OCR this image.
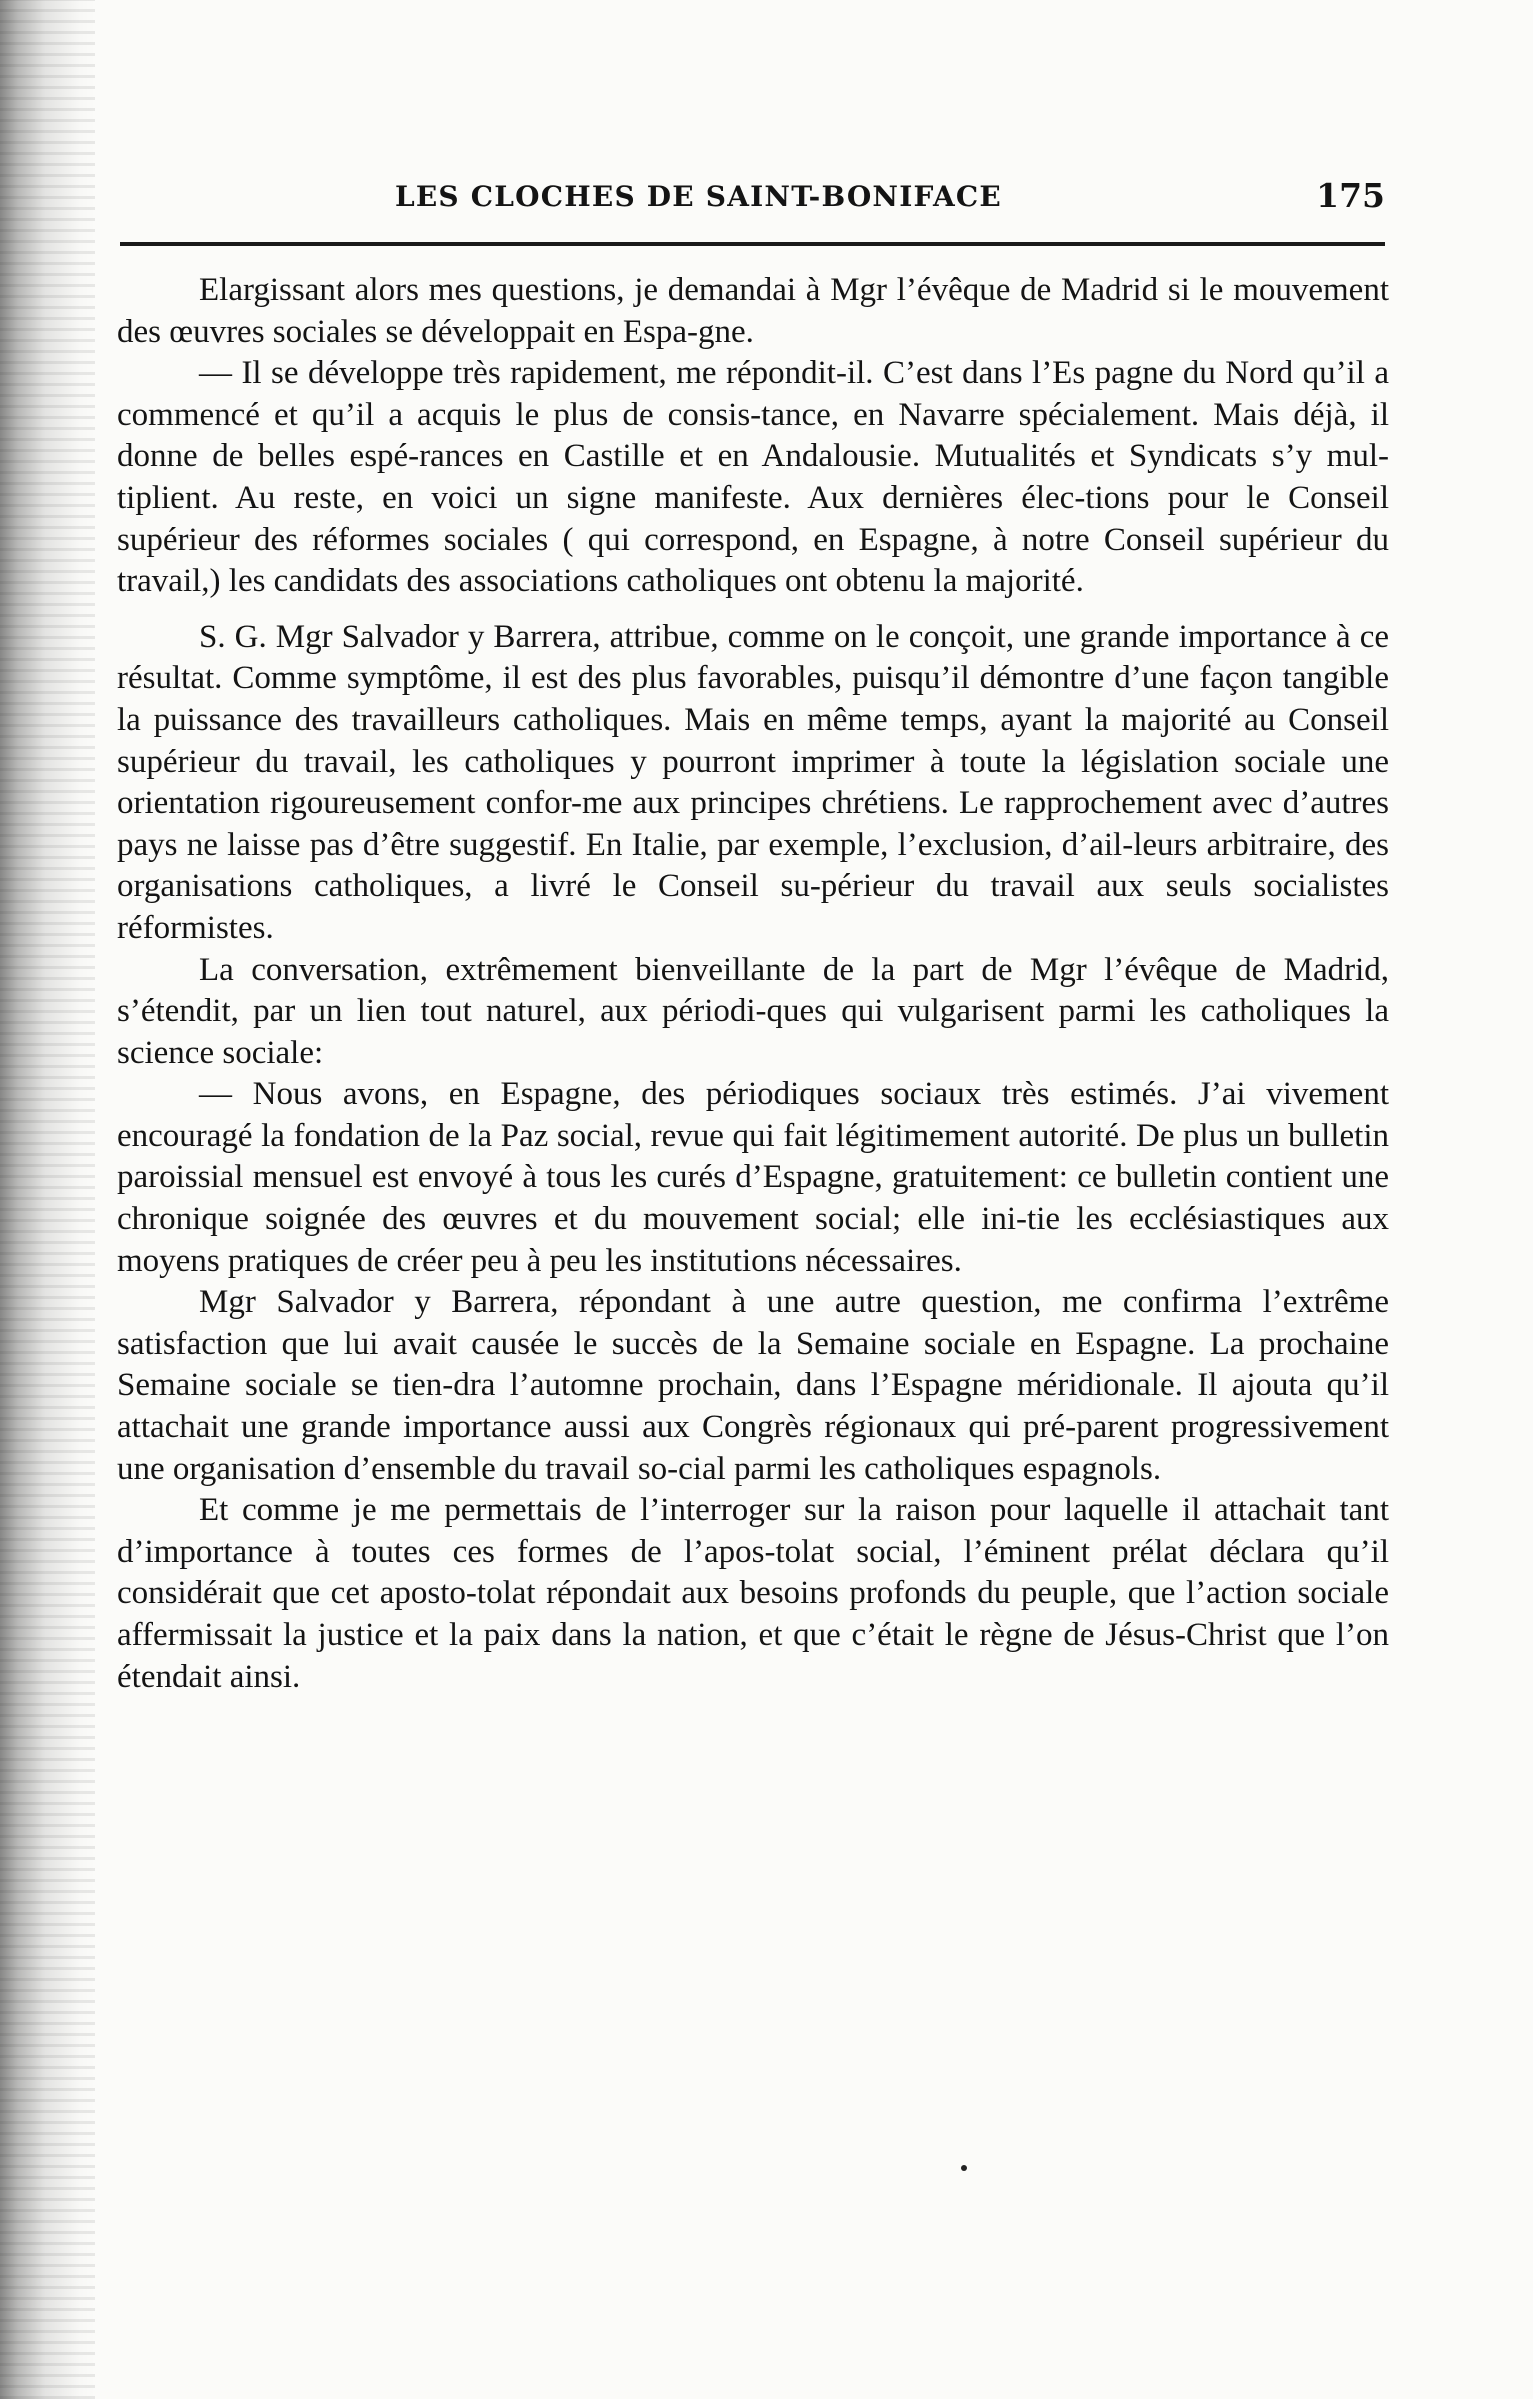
LES CLOCHES DE SAINT-BONIFACE	175

Elargissant alors mes questions, je demandai à Mgr l’évêque de Madrid si le mouvement des œuvres sociales se développait en Espa-gne.

— Il se développe très rapidement, me répondit-il. C’est dans l’Es pagne du Nord qu’il a commencé et qu’il a acquis le plus de consis-tance, en Navarre spécialement. Mais déjà, il donne de belles espé-rances en Castille et en Andalousie. Mutualités et Syndicats s’y mul-tiplient. Au reste, en voici un signe manifeste. Aux dernières élec-tions pour le Conseil supérieur des réformes sociales ( qui correspond, en Espagne, à notre Conseil supérieur du travail,) les candidats des associations catholiques ont obtenu la majorité.

S. G. Mgr Salvador y Barrera, attribue, comme on le conçoit, une grande importance à ce résultat. Comme symptôme, il est des plus favorables, puisqu’il démontre d’une façon tangible la puissance des travailleurs catholiques. Mais en même temps, ayant la majorité au Conseil supérieur du travail, les catholiques y pourront imprimer à toute la législation sociale une orientation rigoureusement confor-me aux principes chrétiens. Le rapprochement avec d’autres pays ne laisse pas d’être suggestif. En Italie, par exemple, l’exclusion, d’ail-leurs arbitraire, des organisations catholiques, a livré le Conseil su-périeur du travail aux seuls socialistes réformistes.

La conversation, extrêmement bienveillante de la part de Mgr l’évêque de Madrid, s’étendit, par un lien tout naturel, aux périodi-ques qui vulgarisent parmi les catholiques la science sociale:

— Nous avons, en Espagne, des périodiques sociaux très estimés. J’ai vivement encouragé la fondation de la Paz social, revue qui fait légitimement autorité. De plus un bulletin paroissial mensuel est envoyé à tous les curés d’Espagne, gratuitement: ce bulletin contient une chronique soignée des œuvres et du mouvement social; elle ini-tie les ecclésiastiques aux moyens pratiques de créer peu à peu les institutions nécessaires.

Mgr Salvador y Barrera, répondant à une autre question, me confirma l’extrême satisfaction que lui avait causée le succès de la Semaine sociale en Espagne. La prochaine Semaine sociale se tien-dra l’automne prochain, dans l’Espagne méridionale. Il ajouta qu’il attachait une grande importance aussi aux Congrès régionaux qui pré-parent progressivement une organisation d’ensemble du travail so-cial parmi les catholiques espagnols.

Et comme je me permettais de l’interroger sur la raison pour laquelle il attachait tant d’importance à toutes ces formes de l’apos-tolat social, l’éminent prélat déclara qu’il considérait que cet aposto-tolat répondait aux besoins profonds du peuple, que l’action sociale affermissait la justice et la paix dans la nation, et que c’était le règne de Jésus-Christ que l’on étendait ainsi.
